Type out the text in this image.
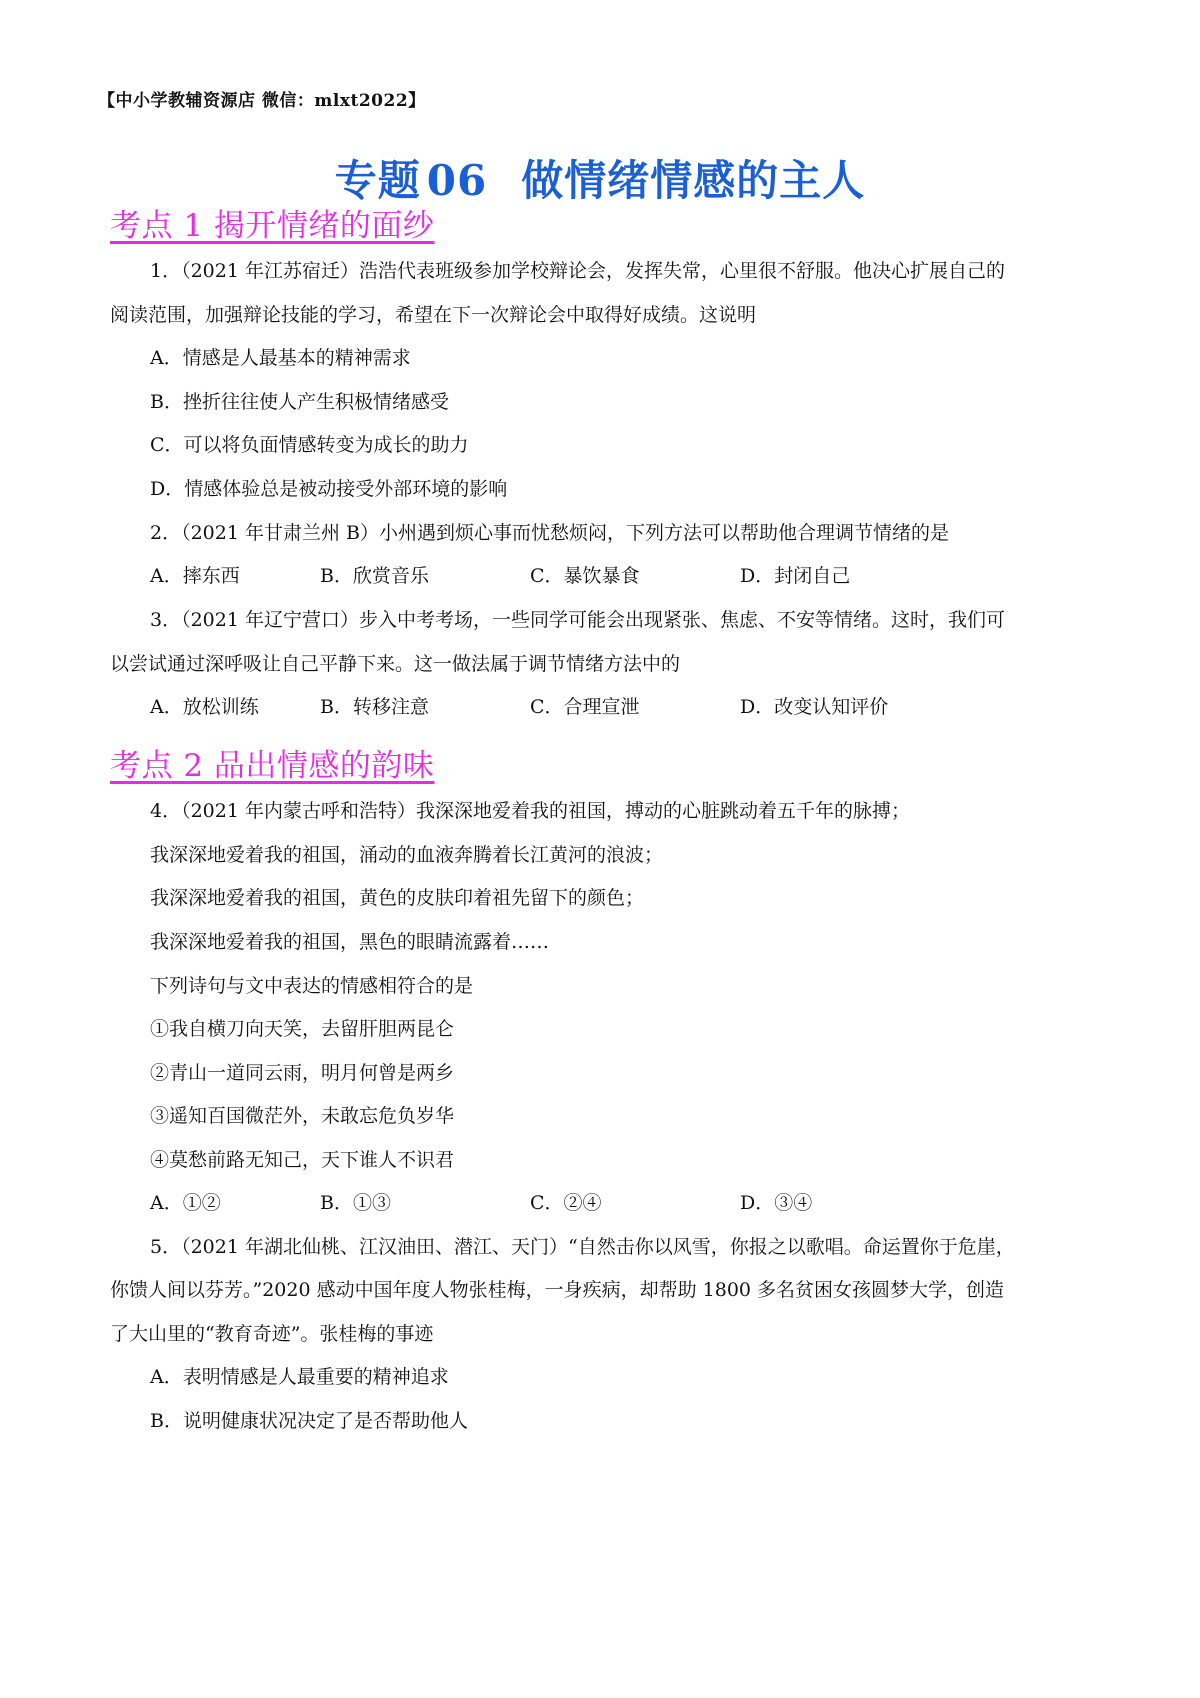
【中小学教辅资源店 微信：mlxt2022】
专题 06 做情绪情感的主人
考点 1 揭开情绪的面纱
1．（2021 年江苏宿迁）浩浩代表班级参加学校辩论会，发挥失常，心里很不舒服。他决心扩展自己的
阅读范围，加强辩论技能的学习，希望在下一次辩论会中取得好成绩。这说明
A．情感是人最基本的精神需求
B．挫折往往使人产生积极情绪感受
C．可以将负面情感转变为成长的助力
D．情感体验总是被动接受外部环境的影响
2．（2021 年甘肃兰州 B）小州遇到烦心事而忧愁烦闷，下列方法可以帮助他合理调节情绪的是
A．摔东西	B．欣赏音乐	C．暴饮暴食	D．封闭自己
3．（2021 年辽宁营口）步入中考考场，一些同学可能会出现紧张、焦虑、不安等情绪。这时，我们可
以尝试通过深呼吸让自己平静下来。这一做法属于调节情绪方法中的
A．放松训练	B．转移注意	C．合理宣泄	D．改变认知评价
考点 2 品出情感的韵味
4．（2021 年内蒙古呼和浩特）我深深地爱着我的祖国，搏动的心脏跳动着五千年的脉搏；
我深深地爱着我的祖国，涌动的血液奔腾着长江黄河的浪波；
我深深地爱着我的祖国，黄色的皮肤印着祖先留下的颜色；
我深深地爱着我的祖国，黑色的眼睛流露着……
下列诗句与文中表达的情感相符合的是
①我自横刀向天笑，去留肝胆两昆仑
②青山一道同云雨，明月何曾是两乡
③遥知百国微茫外，未敢忘危负岁华
④莫愁前路无知己，天下谁人不识君
A．①②	B．①③	C．②④	D．③④
5．（2021 年湖北仙桃、江汉油田、潜江、天门）“自然击你以风雪，你报之以歌唱。命运置你于危崖，
你馈人间以芬芳。”2020 感动中国年度人物张桂梅，一身疾病，却帮助 1800 多名贫困女孩圆梦大学，创造
了大山里的“教育奇迹”。张桂梅的事迹
A．表明情感是人最重要的精神追求
B．说明健康状况决定了是否帮助他人
